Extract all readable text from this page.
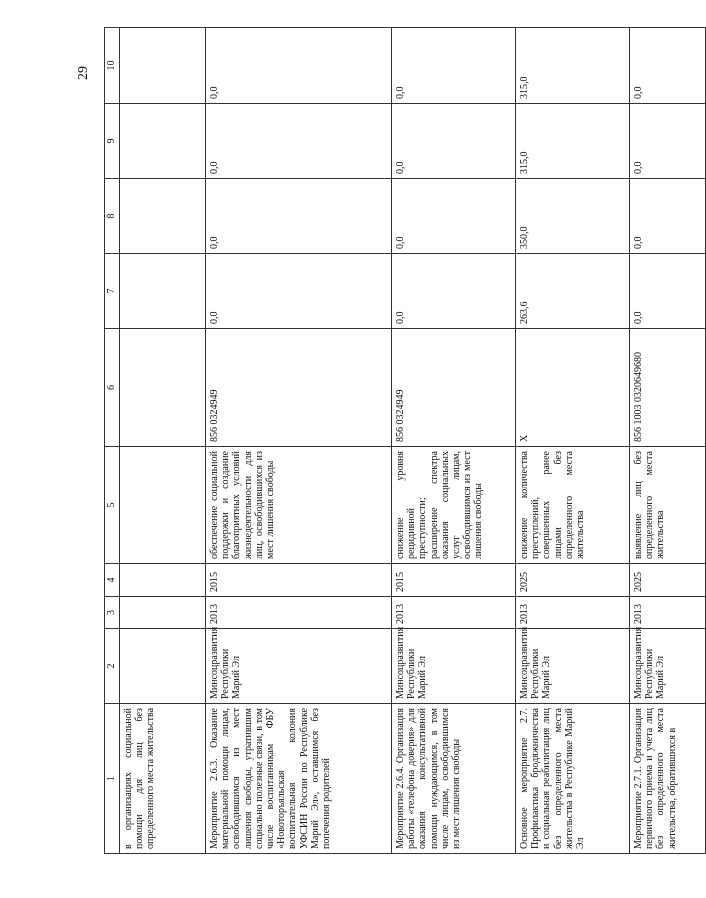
29
1	2	3	4	5	6	7	8	9	10
в организациях социальной помощи для лиц без определенного места жительства									
Мероприятие 2.6.3. Оказание материальной помощи лицам, освободившимся из мест лишения свободы, утратившим социально полезные связи, в том числе воспитанникам ФБУ «Новоторъяльская воспитательная колония УФСИН России по Республике Марий Эл», оставшимся без попечения родителей	Минсоцразвития Республики Марий Эл	2013	2015	обеспечение социальной поддержки и создание благоприятных условий жизнедеятельности для лиц, освободившихся из мест лишения свободы	856 0324949	0,0	0,0	0,0	0,0
Мероприятие 2.6.4. Организация работы «телефона доверия» для оказания консультативной помощи нуждающимся, в том числе лицам, освободившимся из мест лишения свободы	Минсоцразвития Республики Марий Эл	2013	2015	снижение уровня рецидивной преступности; расширение спектра оказания социальных услуг лицам, освободившимся из мест лишения свободы	856 0324949	0,0	0,0	0,0	0,0
Основное мероприятие 2.7. Профилактика бродяжничества и социальная реабилитация лиц без определенного места жительства в Республике Марий Эл	Минсоцразвития Республики Марий Эл	2013	2025	снижение количества преступлений, совершенных ранее лицами без определенного места жительства	X	263,6	350,0	315,0	315,0
Мероприятие 2.7.1. Организация первичного приема и учета лиц без определенного места жительства, обратившихся в	Минсоцразвития Республики Марий Эл	2013	2025	выявление лиц без определенного места жительства	856 1003 0320649680	0,0	0,0	0,0	0,0
